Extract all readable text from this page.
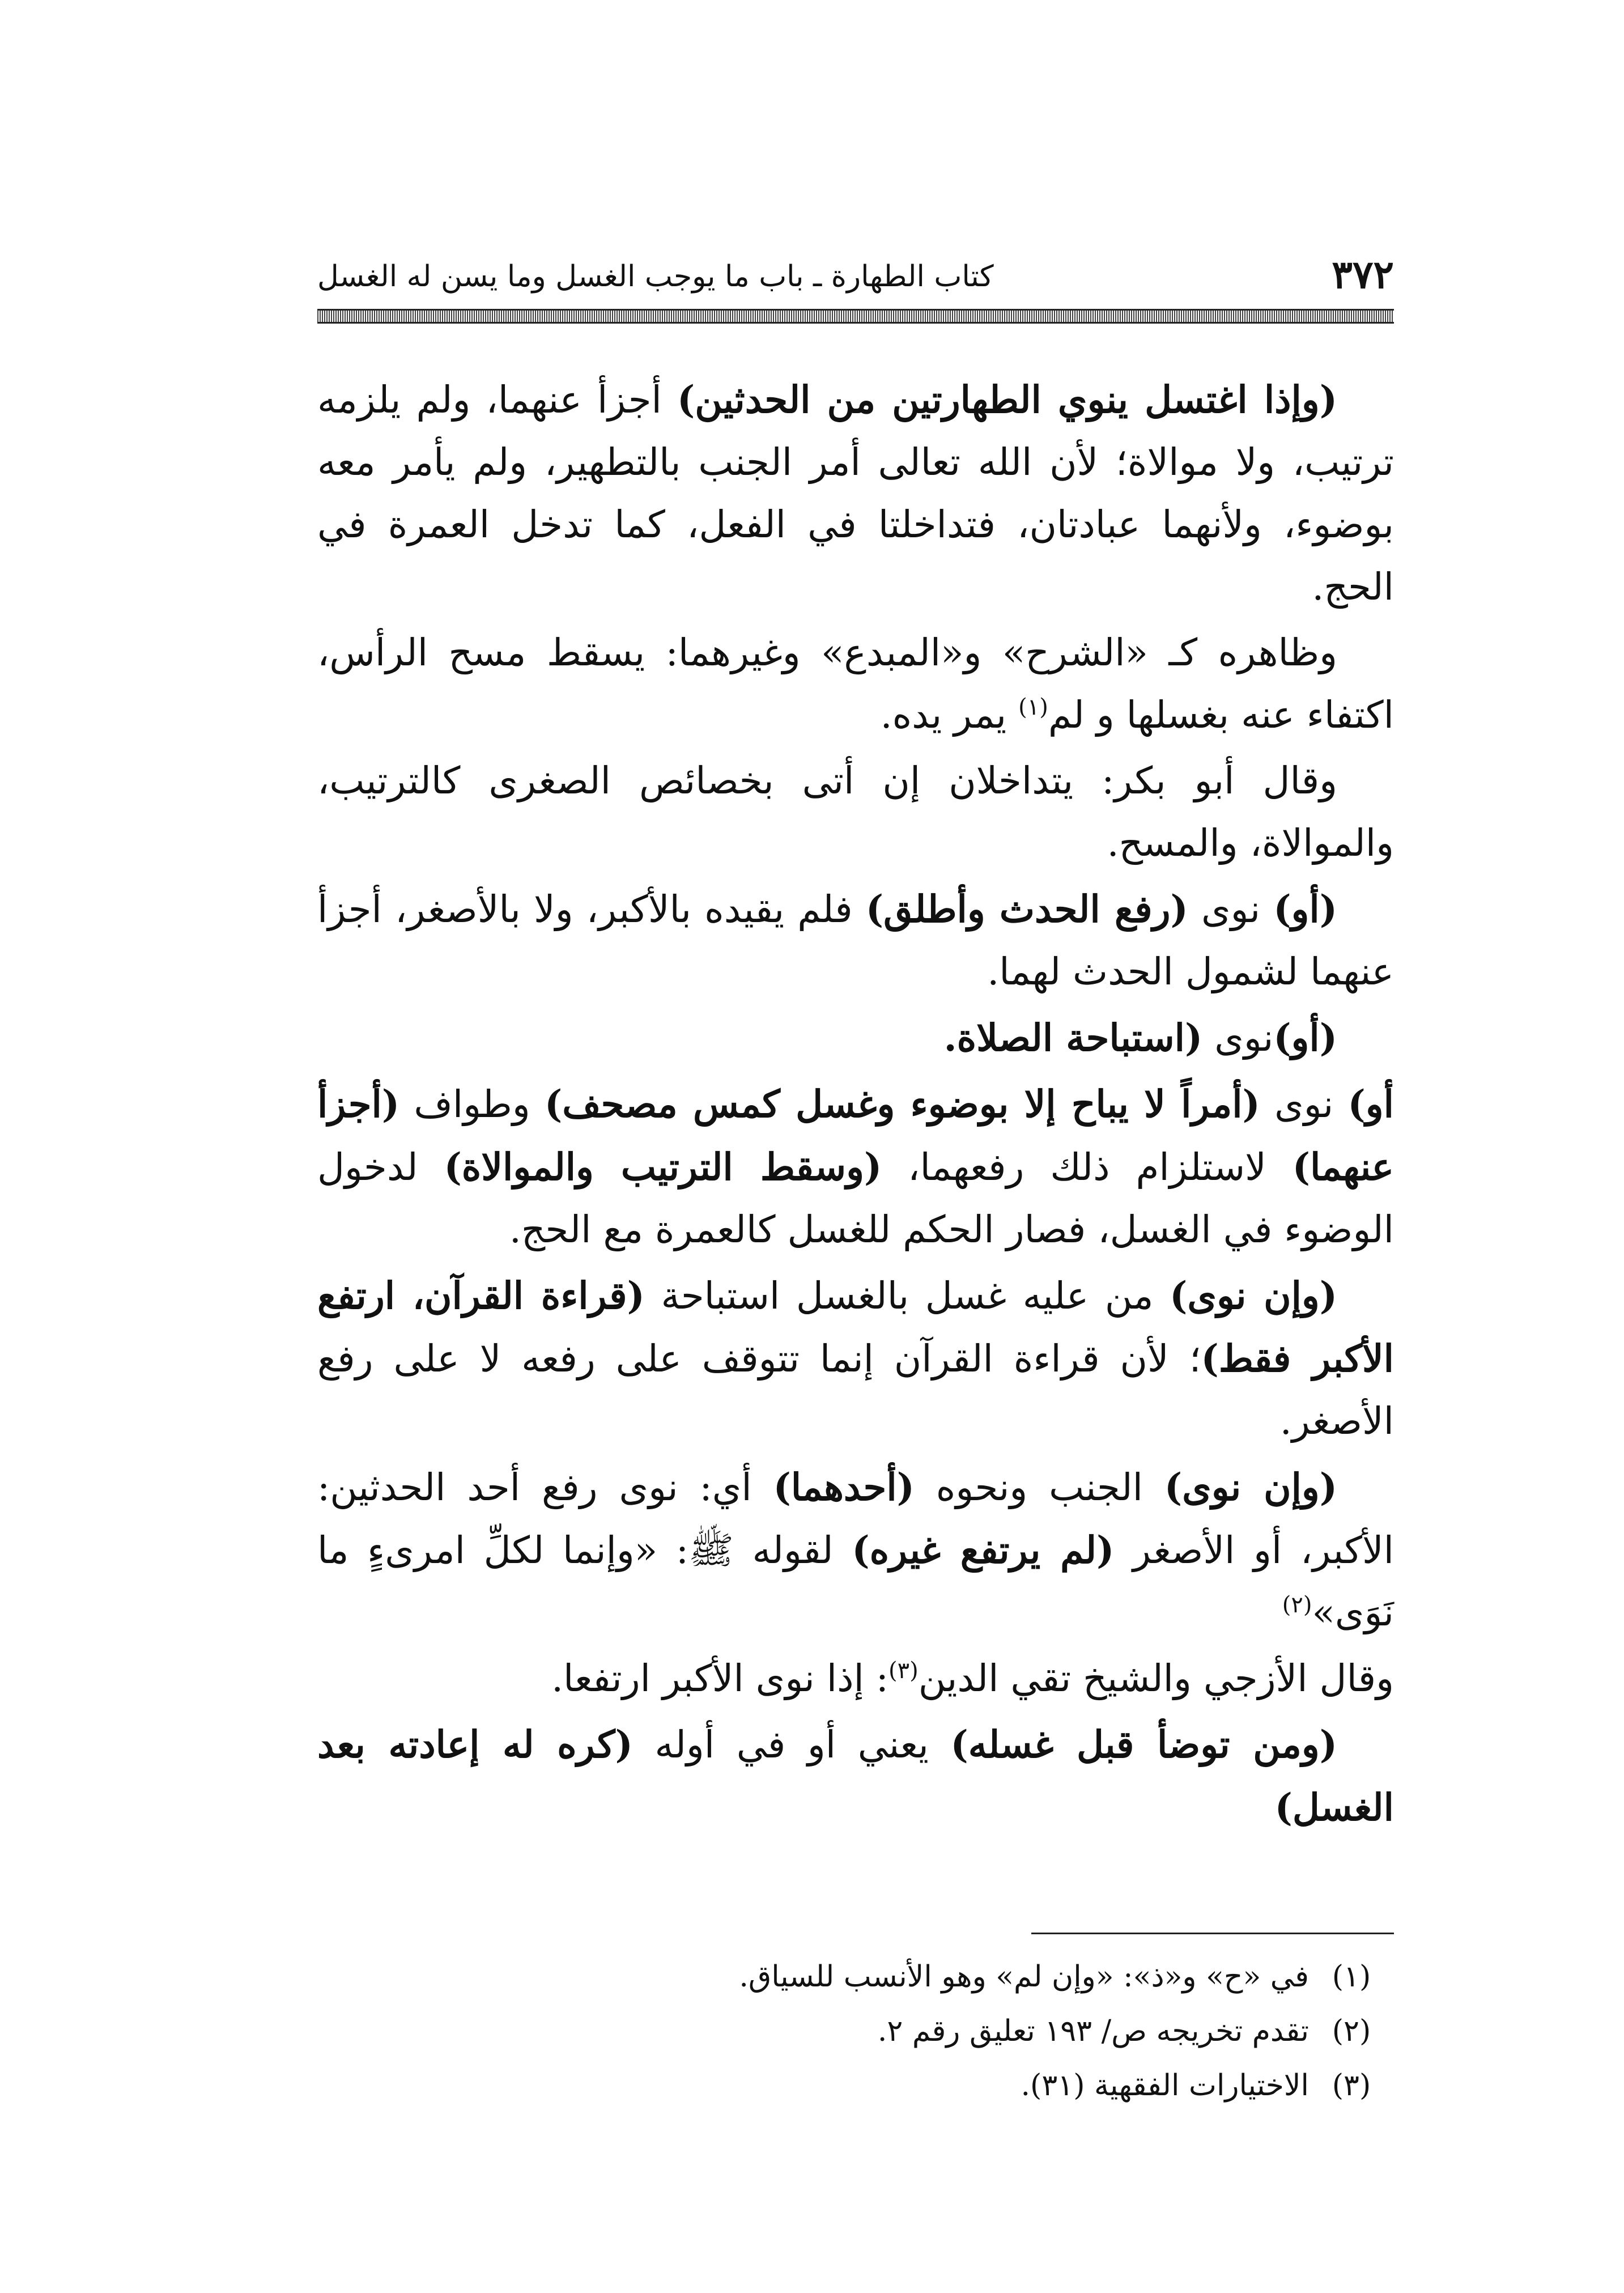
٣٧٢
كتاب الطهارة ـ باب ما يوجب الغسل وما يسن له الغسل

(وإذا اغتسل ينوي الطهارتين من الحدثين) أجزأ عنهما، ولم يلزمه ترتيب، ولا موالاة؛ لأن الله تعالى أمر الجنب بالتطهير، ولم يأمر معه بوضوء، ولأنهما عبادتان، فتداخلتا في الفعل، كما تدخل العمرة في الحج.

وظاهره كـ «الشرح» و«المبدع» وغيرهما: يسقط مسح الرأس، اكتفاء عنه بغسلها و لم$^{(١)}$ يمر يده.

وقال أبو بكر: يتداخلان إن أتى بخصائص الصغرى كالترتيب، والموالاة، والمسح.

(أو) نوى (رفع الحدث وأطلق) فلم يقيده بالأكبر، ولا بالأصغر، أجزأ عنهما لشمول الحدث لهما.

(أو)نوى (استباحة الصلاة.

أو) نوى (أمراً لا يباح إلا بوضوء وغسل كمس مصحف) وطواف (أجزأ عنهما) لاستلزام ذلك رفعهما، (وسقط الترتيب والموالاة) لدخول الوضوء في الغسل، فصار الحكم للغسل كالعمرة مع الحج.

(وإن نوى) من عليه غسل بالغسل استباحة (قراءة القرآن، ارتفع الأكبر فقط)؛ لأن قراءة القرآن إنما تتوقف على رفعه لا على رفع الأصغر.

(وإن نوى) الجنب ونحوه (أحدهما) أي: نوى رفع أحد الحدثين: الأكبر، أو الأصغر (لم يرتفع غيره) لقوله ﷺ: «وإنما لكلِّ امرىءٍ ما نَوَى»$^{(٢)}$

وقال الأزجي والشيخ تقي الدين$^{(٣)}$: إذا نوى الأكبر ارتفعا.

(ومن توضأ قبل غسله) يعني أو في أوله (كره له إعادته بعد الغسل)

(١)في «ح» و«ذ»: «وإن لم» وهو الأنسب للسياق.

(٢)تقدم تخريجه ص/ ١٩٣ تعليق رقم ٢.

(٣)الاختيارات الفقهية (٣١).
